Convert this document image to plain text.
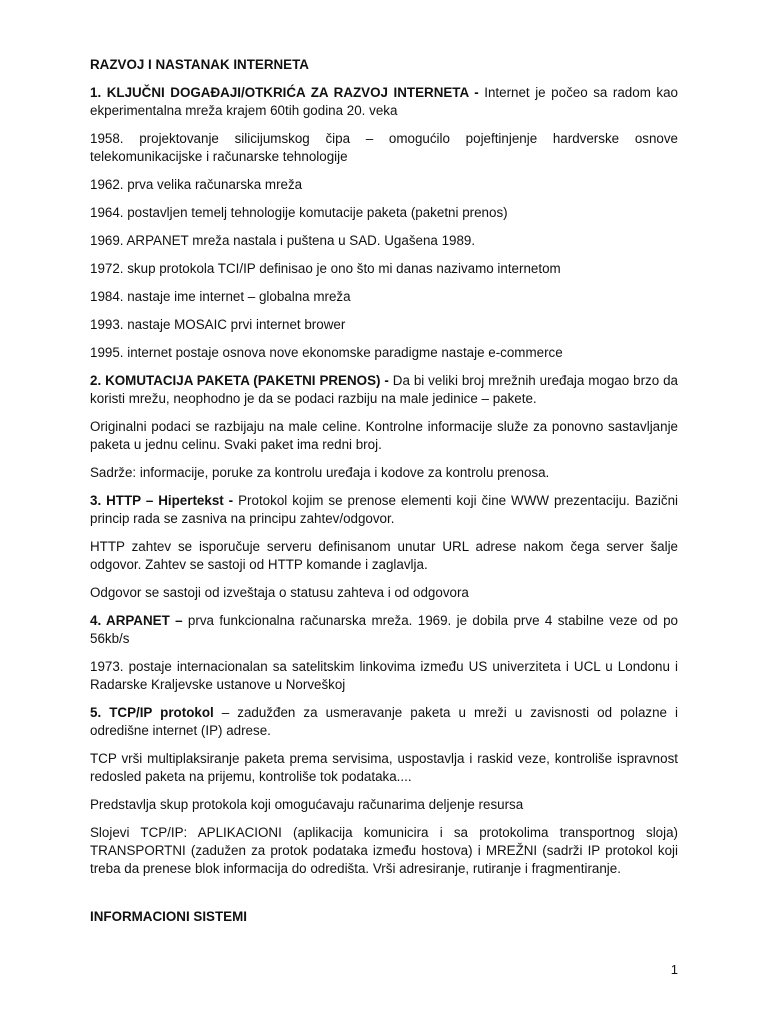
RAZVOJ I NASTANAK INTERNETA

1. KLJUČNI DOGAĐAJI/OTKRIĆA ZA RAZVOJ INTERNETA - Internet je počeo sa radom kao ekperimentalna mreža krajem 60tih godina 20. veka

1958. projektovanje silicijumskog čipa – omogućilo pojeftinjenje hardverske osnove telekomunikacijske i računarske tehnologije

1962. prva velika računarska mreža

1964. postavljen temelj tehnologije komutacije paketa (paketni prenos)

1969. ARPANET mreža nastala i puštena u SAD. Ugašena 1989.

1972. skup protokola TCI/IP definisao je ono što mi danas nazivamo internetom

1984. nastaje ime internet – globalna mreža

1993. nastaje MOSAIC prvi internet brower

1995. internet postaje osnova nove ekonomske paradigme nastaje e-commerce

2. KOMUTACIJA PAKETA (PAKETNI PRENOS) - Da bi veliki broj mrežnih uređaja mogao brzo da koristi mrežu, neophodno je da se podaci razbiju na male jedinice – pakete.

Originalni podaci se razbijaju na male celine. Kontrolne informacije služe za ponovno sastavljanje paketa u jednu celinu. Svaki paket ima redni broj.

Sadrže: informacije, poruke za kontrolu uređaja i kodove za kontrolu prenosa.

3. HTTP – Hipertekst - Protokol kojim se prenose elementi koji čine WWW prezentaciju. Bazični princip rada se zasniva na principu zahtev/odgovor.

HTTP zahtev se isporučuje serveru definisanom unutar URL adrese nakom čega server šalje odgovor. Zahtev se sastoji od HTTP komande i zaglavlja.

Odgovor se sastoji od izveštaja o statusu zahteva i od odgovora

4. ARPANET – prva funkcionalna računarska mreža. 1969. je dobila prve 4 stabilne veze od po 56kb/s

1973. postaje internacionalan sa satelitskim linkovima između US univerziteta i UCL u Londonu i Radarske Kraljevske ustanove u Norveškoj

5. TCP/IP protokol – zadužđen za usmeravanje paketa u mreži u zavisnosti od polazne i odredišne internet (IP) adrese.

TCP vrši multiplaksiranje paketa prema servisima, uspostavlja i raskid veze, kontroliše ispravnost redosled paketa na prijemu, kontroliše tok podataka....

Predstavlja skup protokola koji omogućavaju računarima deljenje resursa

Slojevi TCP/IP: APLIKACIONI (aplikacija komunicira i sa protokolima transportnog sloja) TRANSPORTNI (zadužen za protok podataka između hostova) i MREŽNI (sadrži IP protokol koji treba da prenese blok informacija do odredišta. Vrši adresiranje, rutiranje i fragmentiranje.

INFORMACIONI SISTEMI

1
